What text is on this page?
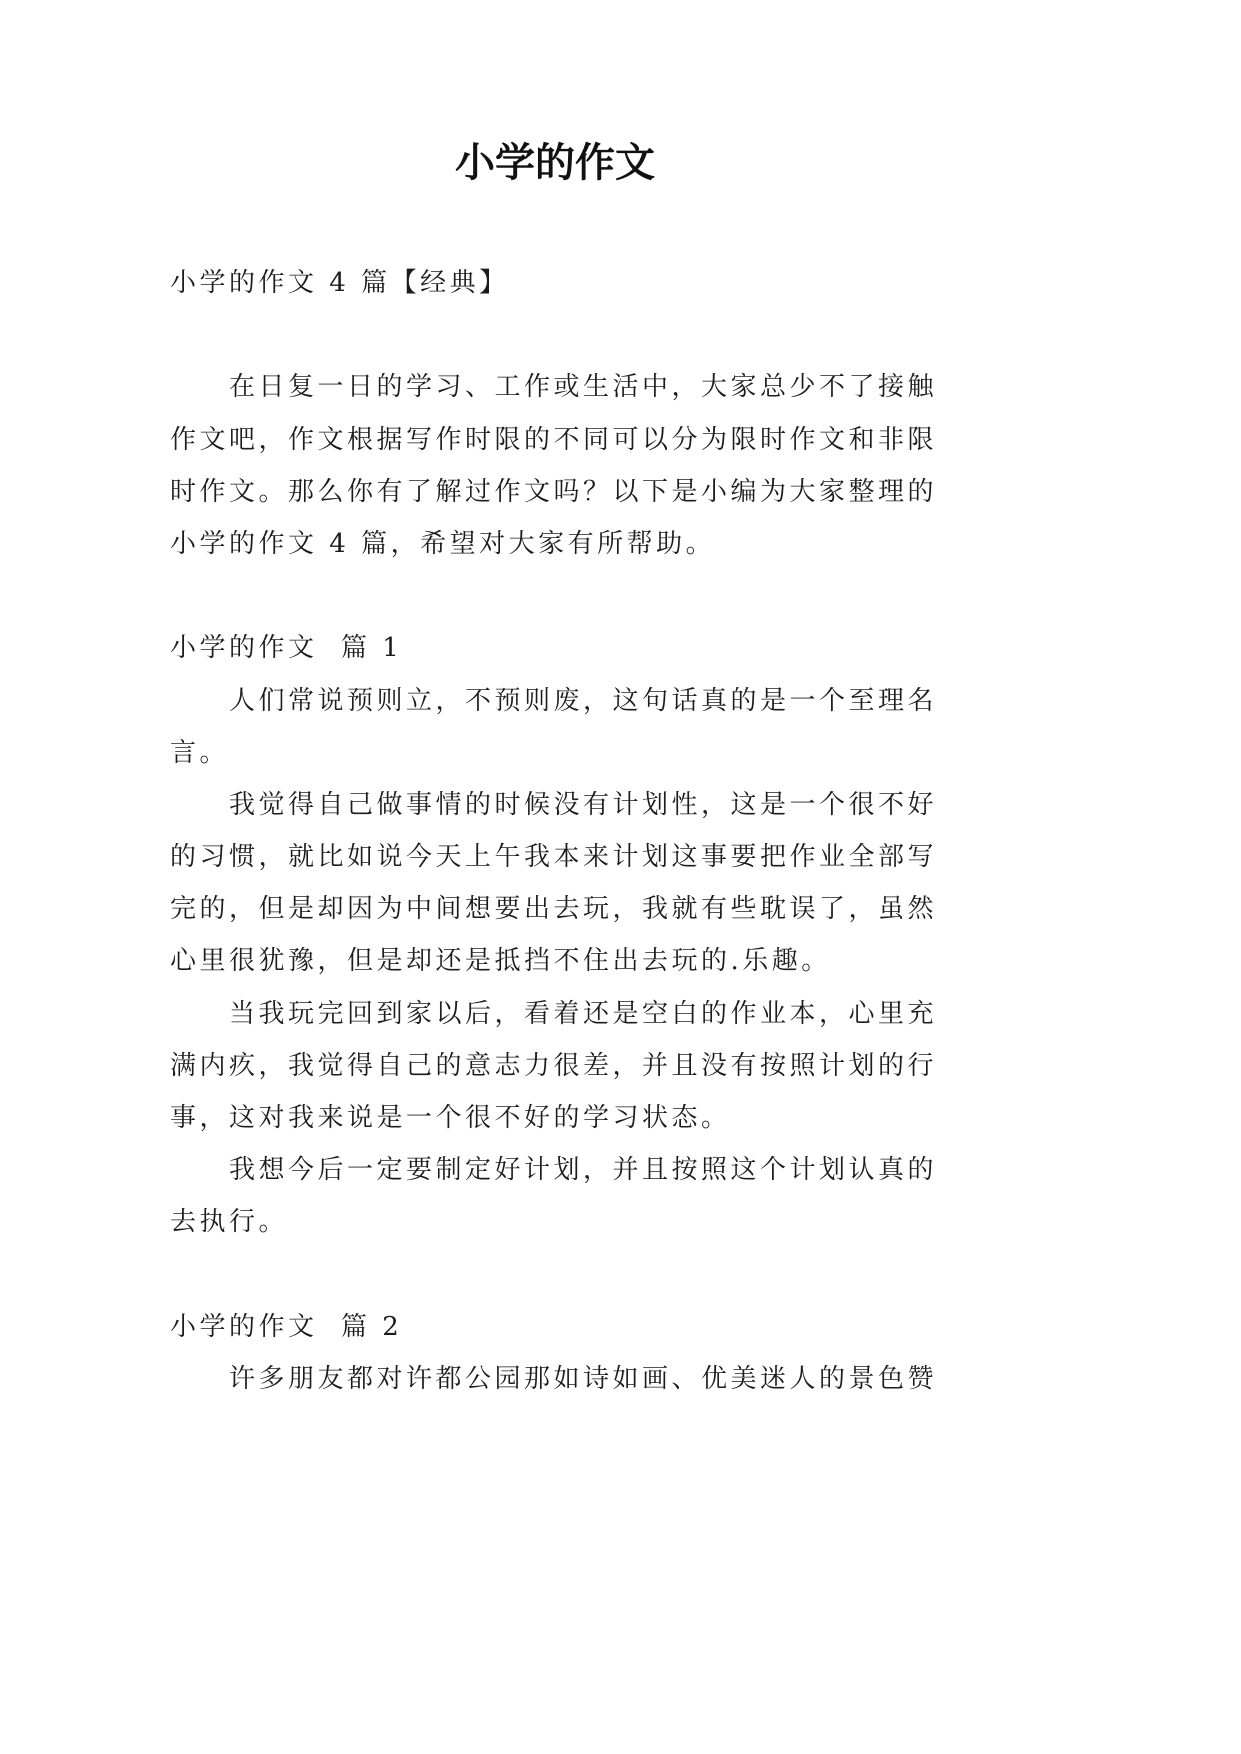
小学的作文
小学的作文 4 篇【经典】
在日复一日的学习、工作或生活中，大家总少不了接触
作文吧，作文根据写作时限的不同可以分为限时作文和非限
时作文。那么你有了解过作文吗？以下是小编为大家整理的
小学的作文 4 篇，希望对大家有所帮助。
小学的作文  篇 1
人们常说预则立，不预则废，这句话真的是一个至理名
言。
我觉得自己做事情的时候没有计划性，这是一个很不好
的习惯，就比如说今天上午我本来计划这事要把作业全部写
完的，但是却因为中间想要出去玩，我就有些耽误了，虽然
心里很犹豫，但是却还是抵挡不住出去玩的.乐趣。
当我玩完回到家以后，看着还是空白的作业本，心里充
满内疚，我觉得自己的意志力很差，并且没有按照计划的行
事，这对我来说是一个很不好的学习状态。
我想今后一定要制定好计划，并且按照这个计划认真的
去执行。
小学的作文  篇 2
许多朋友都对许都公园那如诗如画、优美迷人的景色赞
